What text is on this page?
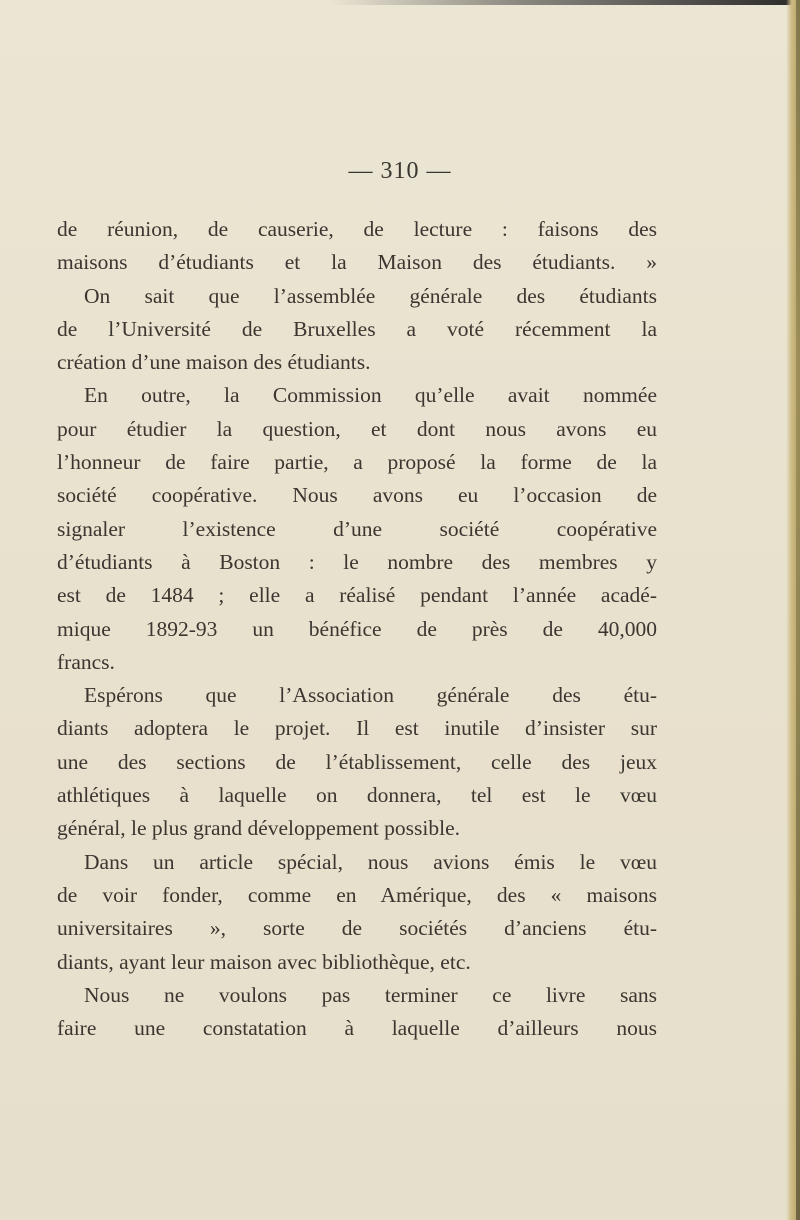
— 310 —
de réunion, de causerie, de lecture : faisons des
maisons d’étudiants et la Maison des étudiants. »
On sait que l’assemblée générale des étudiants
de l’Université de Bruxelles a voté récemment la
création d’une maison des étudiants.
En outre, la Commission qu’elle avait nommée
pour étudier la question, et dont nous avons eu
l’honneur de faire partie, a proposé la forme de la
société coopérative. Nous avons eu l’occasion de
signaler l’existence d’une société coopérative
d’étudiants à Boston : le nombre des membres y
est de 1484 ; elle a réalisé pendant l’année acadé-
mique 1892-93 un bénéfice de près de 40,000
francs.
Espérons que l’Association générale des étu-
diants adoptera le projet. Il est inutile d’insister sur
une des sections de l’établissement, celle des jeux
athlétiques à laquelle on donnera, tel est le vœu
général, le plus grand développement possible.
Dans un article spécial, nous avions émis le vœu
de voir fonder, comme en Amérique, des « maisons
universitaires », sorte de sociétés d’anciens étu-
diants, ayant leur maison avec bibliothèque, etc.
Nous ne voulons pas terminer ce livre sans
faire une constatation à laquelle d’ailleurs nous
